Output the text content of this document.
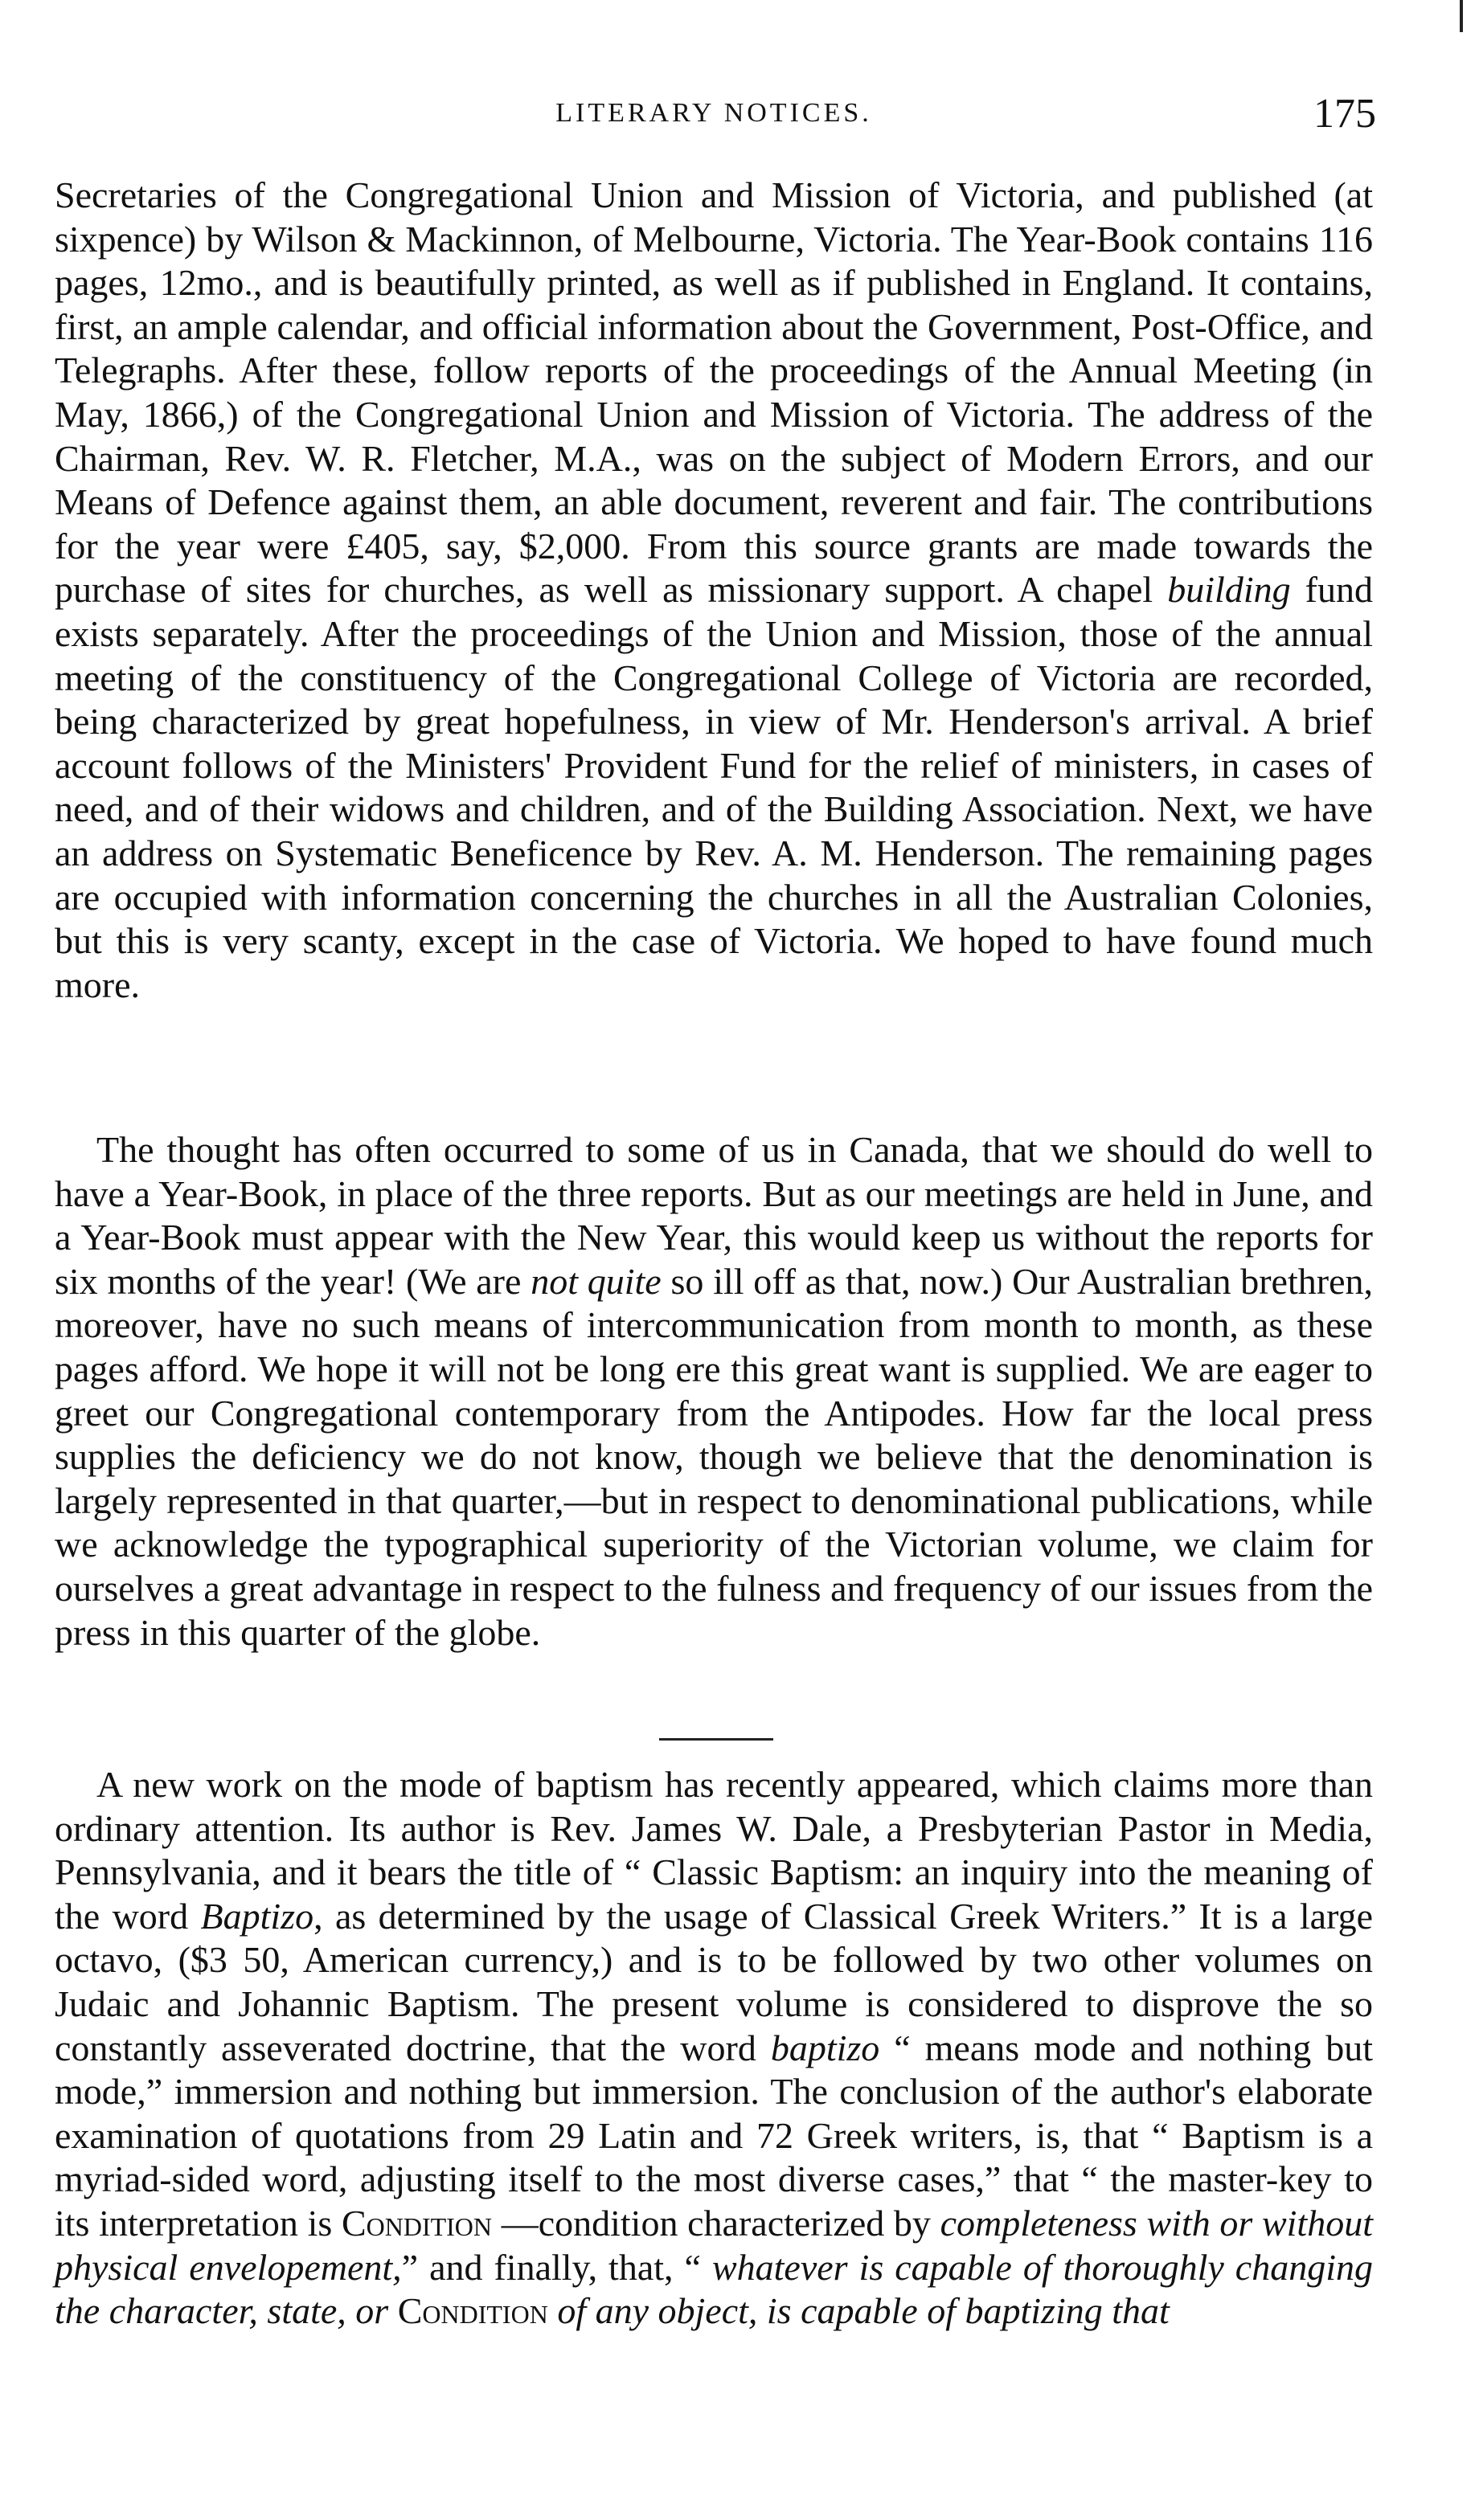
LITERARY NOTICES.	175

Secretaries of the Congregational Union and Mission of Victoria, and published (at sixpence) by Wilson & Mackinnon, of Melbourne, Victoria. The Year-Book contains 116 pages, 12mo., and is beautifully printed, as well as if published in England. It contains, first, an ample calendar, and official information about the Government, Post-Office, and Telegraphs. After these, follow reports of the proceedings of the Annual Meeting (in May, 1866,) of the Congregational Union and Mission of Victoria. The address of the Chairman, Rev. W. R. Fletcher, M.A., was on the subject of Modern Errors, and our Means of Defence against them, an able document, reverent and fair. The contributions for the year were £405, say, $2,000. From this source grants are made towards the purchase of sites for churches, as well as missionary support. A chapel building fund exists separately. After the proceedings of the Union and Mission, those of the annual meeting of the constituency of the Congregational College of Victoria are recorded, being characterized by great hopefulness, in view of Mr. Henderson's arrival. A brief account follows of the Ministers' Provident Fund for the relief of ministers, in cases of need, and of their widows and children, and of the Building Association. Next, we have an address on Systematic Beneficence by Rev. A. M. Henderson. The remaining pages are occupied with information concerning the churches in all the Australian Colonies, but this is very scanty, except in the case of Victoria. We hoped to have found much more.

The thought has often occurred to some of us in Canada, that we should do well to have a Year-Book, in place of the three reports. But as our meetings are held in June, and a Year-Book must appear with the New Year, this would keep us without the reports for six months of the year! (We are not quite so ill off as that, now.) Our Australian brethren, moreover, have no such means of intercommunication from month to month, as these pages afford. We hope it will not be long ere this great want is supplied. We are eager to greet our Congregational contemporary from the Antipodes. How far the local press supplies the deficiency we do not know, though we believe that the denomination is largely represented in that quarter,—but in respect to denominational publications, while we acknowledge the typographical superiority of the Victorian volume, we claim for ourselves a great advantage in respect to the fulness and frequency of our issues from the press in this quarter of the globe.

A new work on the mode of baptism has recently appeared, which claims more than ordinary attention. Its author is Rev. James W. Dale, a Presbyterian Pastor in Media, Pennsylvania, and it bears the title of “ Classic Baptism: an inquiry into the meaning of the word Baptizo, as determined by the usage of Classical Greek Writers.” It is a large octavo, ($3 50, American currency,) and is to be followed by two other volumes on Judaic and Johannic Baptism. The present volume is considered to disprove the so constantly asseverated doctrine, that the word baptizo “ means mode and nothing but mode,” immersion and nothing but immersion. The conclusion of the author's elaborate examination of quotations from 29 Latin and 72 Greek writers, is, that “ Baptism is a myriad-sided word, adjusting itself to the most diverse cases,” that “ the master-key to its interpretation is Condition —condition characterized by completeness with or without physical envelopement,” and finally, that, “ whatever is capable of thoroughly changing the character, state, or Condition of any object, is capable of baptizing that
